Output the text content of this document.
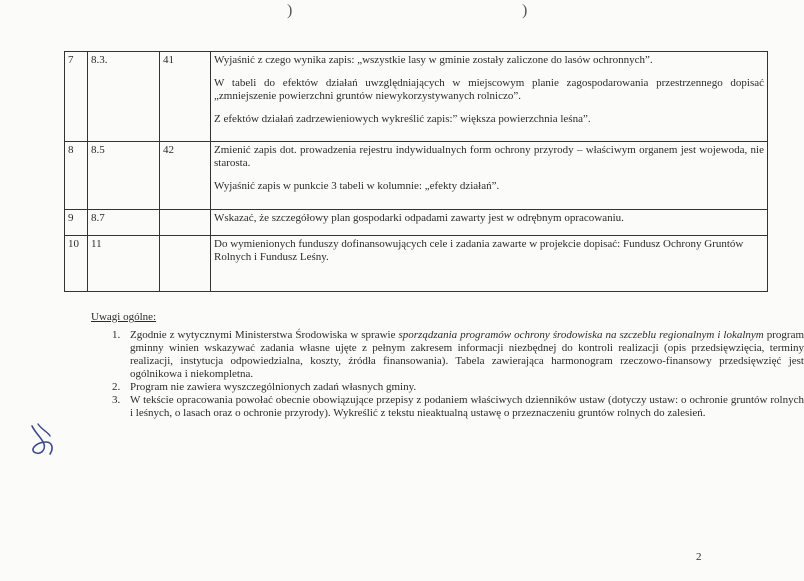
)	)
7	8.3.	41	Wyjaśnić z czego wynika zapis: „wszystkie lasy w gminie zostały zaliczone do lasów ochronnych”.

W tabeli do efektów działań uwzględniających w miejscowym planie zagospodarowania przestrzennego dopisać „zmniejszenie powierzchni gruntów niewykorzystywanych rolniczo”.

Z efektów działań zadrzewieniowych wykreślić zapis:” większa powierzchnia leśna”.

8	8.5	42	Zmienić zapis dot. prowadzenia rejestru indywidualnych form ochrony przyrody – właściwym organem jest wojewoda, nie starosta.

Wyjaśnić zapis w punkcie 3 tabeli w kolumnie: „efekty działań”.

9	8.7		Wskazać, że szczegółowy plan gospodarki odpadami zawarty jest w odrębnym opracowaniu.

10	11		Do wymienionych funduszy dofinansowujących cele i zadania zawarte w projekcie dopisać: Fundusz Ochrony Gruntów Rolnych i Fundusz Leśny.

Uwagi ogólne:
1. Zgodnie z wytycznymi Ministerstwa Środowiska w sprawie sporządzania programów ochrony środowiska na szczeblu regionalnym i lokalnym program gminny winien wskazywać zadania własne ujęte z pełnym zakresem informacji niezbędnej do kontroli realizacji (opis przedsięwzięcia, terminy realizacji, instytucja odpowiedzialna, koszty, źródła finansowania). Tabela zawierająca harmonogram rzeczowo-finansowy przedsięwzięć jest ogólnikowa i niekompletna.
2. Program nie zawiera wyszczególnionych zadań własnych gminy.
3. W tekście opracowania powołać obecnie obowiązujące przepisy z podaniem właściwych dzienników ustaw (dotyczy ustaw: o ochronie gruntów rolnych i leśnych, o lasach oraz o ochronie przyrody). Wykreślić z tekstu nieaktualną ustawę o przeznaczeniu gruntów rolnych do zalesień.
2
